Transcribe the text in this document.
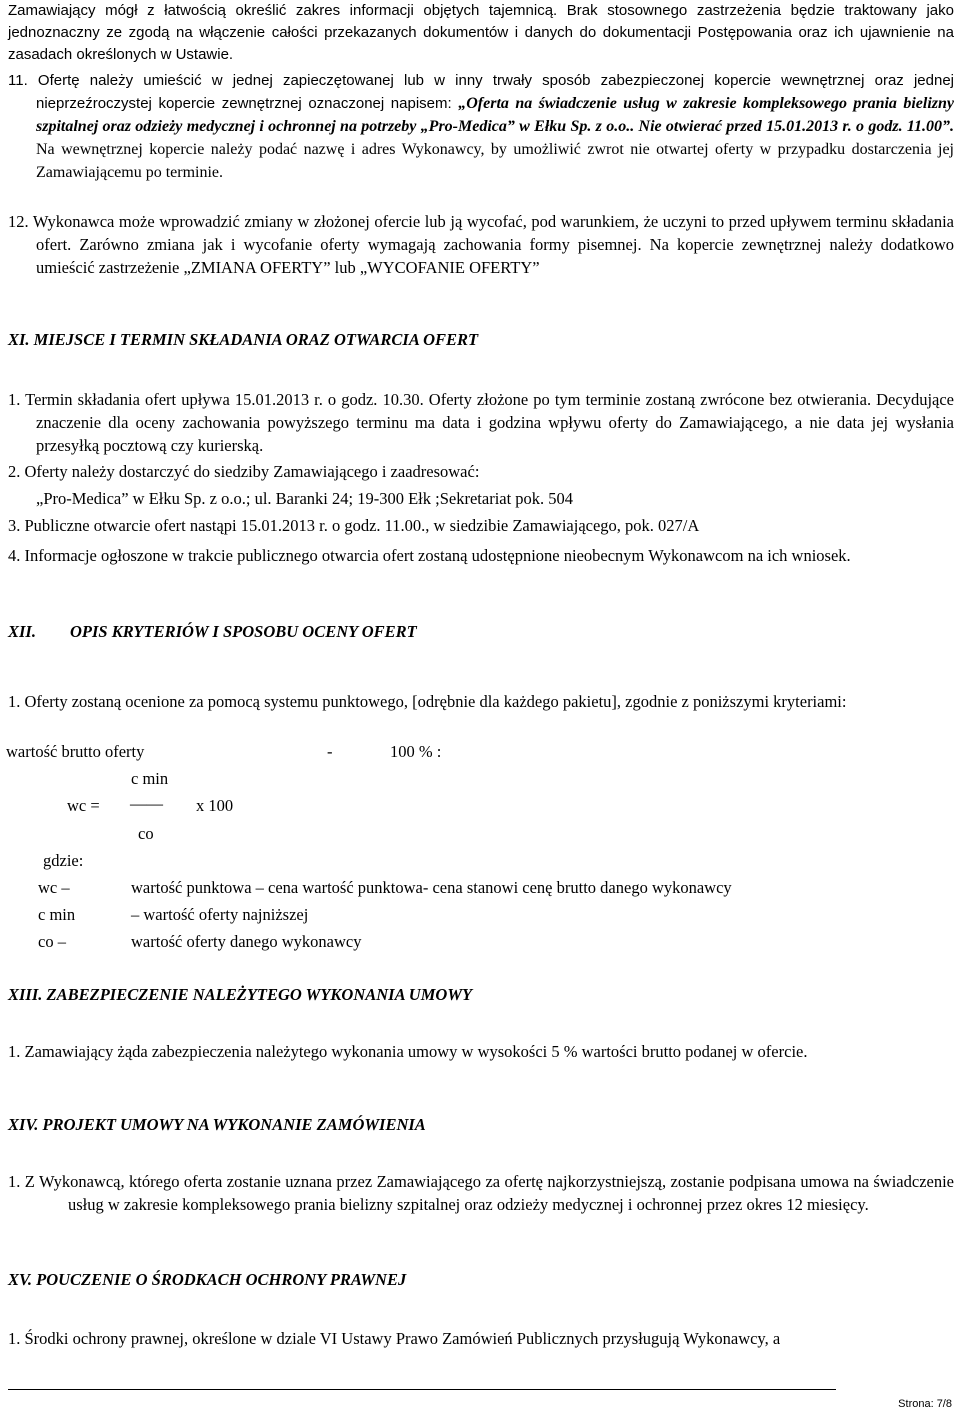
Zamawiający mógł z łatwością określić zakres informacji objętych tajemnicą. Brak stosownego zastrzeżenia będzie traktowany jako jednoznaczny ze zgodą na włączenie całości przekazanych dokumentów i danych do dokumentacji Postępowania oraz ich ujawnienie na zasadach określonych w Ustawie.

11. Ofertę należy umieścić w jednej zapieczętowanej lub w inny trwały sposób zabezpieczonej kopercie wewnętrznej oraz jednej nieprzeźroczystej kopercie zewnętrznej oznaczonej napisem: „Oferta na świadczenie usług w zakresie kompleksowego prania bielizny szpitalnej oraz odzieży medycznej i ochronnej na potrzeby „Pro-Medica” w Ełku Sp. z o.o.. Nie otwierać przed 15.01.2013 r. o godz. 11.00”. Na wewnętrznej kopercie należy podać nazwę i adres Wykonawcy, by umożliwić zwrot nie otwartej oferty w przypadku dostarczenia jej Zamawiającemu po terminie.

12. Wykonawca może wprowadzić zmiany w złożonej ofercie lub ją wycofać, pod warunkiem, że uczyni to przed upływem terminu składania ofert. Zarówno zmiana jak i wycofanie oferty wymagają zachowania formy pisemnej. Na kopercie zewnętrznej należy dodatkowo umieścić zastrzeżenie „ZMIANA OFERTY” lub „WYCOFANIE OFERTY”

XI. MIEJSCE I TERMIN SKŁADANIA ORAZ OTWARCIA OFERT

1. Termin składania ofert upływa 15.01.2013 r. o godz. 10.30. Oferty złożone po tym terminie zostaną zwrócone bez otwierania. Decydujące znaczenie dla oceny zachowania powyższego terminu ma data i godzina wpływu oferty do Zamawiającego, a nie data jej wysłania przesyłką pocztową czy kurierską.

2. Oferty należy dostarczyć do siedziby Zamawiającego i zaadresować:

„Pro-Medica” w Ełku Sp. z o.o.; ul. Baranki 24; 19-300 Ełk ;Sekretariat pok. 504

3. Publiczne otwarcie ofert nastąpi 15.01.2013 r. o godz. 11.00., w siedzibie Zamawiającego, pok. 027/A

4. Informacje ogłoszone w trakcie publicznego otwarcia ofert zostaną udostępnione nieobecnym Wykonawcom na ich wniosek.

XII. OPIS KRYTERIÓW I SPOSOBU OCENY OFERT

1. Oferty zostaną ocenione za pomocą systemu punktowego, [odrębnie dla każdego pakietu], zgodnie z poniższymi kryteriami:

wartość brutto oferty	-	100 % :
c min
wc = —— x 100
co
gdzie:
wc –	wartość punktowa – cena wartość punktowa- cena stanowi cenę brutto danego wykonawcy
c min	– wartość oferty najniższej
co –	wartość oferty danego wykonawcy
XIII. ZABEZPIECZENIE NALEŻYTEGO WYKONANIA UMOWY

1. Zamawiający żąda zabezpieczenia należytego wykonania umowy w wysokości 5 % wartości brutto podanej w ofercie.

XIV. PROJEKT UMOWY NA WYKONANIE ZAMÓWIENIA

1. Z Wykonawcą, którego oferta zostanie uznana przez Zamawiającego za ofertę najkorzystniejszą, zostanie podpisana umowa na świadczenie usług w zakresie kompleksowego prania bielizny szpitalnej oraz odzieży medycznej i ochronnej przez okres 12 miesięcy.

XV. POUCZENIE O ŚRODKACH OCHRONY PRAWNEJ

1. Środki ochrony prawnej, określone w dziale VI Ustawy Prawo Zamówień Publicznych przysługują Wykonawcy, a

Strona: 7/8
